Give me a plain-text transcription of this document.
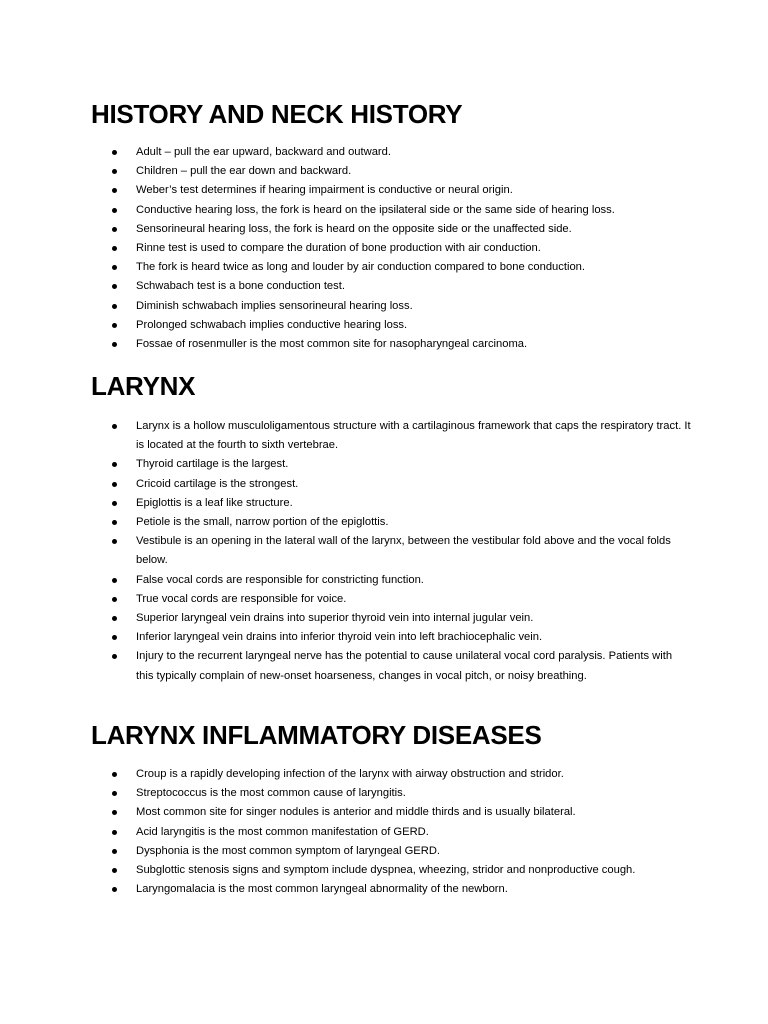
HISTORY AND NECK HISTORY
Adult – pull the ear upward, backward and outward.
Children – pull the ear down and backward.
Weber’s test determines if hearing impairment is conductive or neural origin.
Conductive hearing loss, the fork is heard on the ipsilateral side or the same side of hearing loss.
Sensorineural hearing loss, the fork is heard on the opposite side or the unaffected side.
Rinne test is used to compare the duration of bone production with air conduction.
The fork is heard twice as long and louder by air conduction compared to bone conduction.
Schwabach test is a bone conduction test.
Diminish schwabach implies sensorineural hearing loss.
Prolonged schwabach implies conductive hearing loss.
Fossae of rosenmuller is the most common site for nasopharyngeal carcinoma.
LARYNX
Larynx is a hollow musculoligamentous structure with a cartilaginous framework that caps the respiratory tract. It is located at the fourth to sixth vertebrae.
Thyroid cartilage is the largest.
Cricoid cartilage is the strongest.
Epiglottis is a leaf like structure.
Petiole is the small, narrow portion of the epiglottis.
Vestibule is an opening in the lateral wall of the larynx, between the vestibular fold above and the vocal folds below.
False vocal cords are responsible for constricting function.
True vocal cords are responsible for voice.
Superior laryngeal vein drains into superior thyroid vein into internal jugular vein.
Inferior laryngeal vein drains into inferior thyroid vein into left brachiocephalic vein.
Injury to the recurrent laryngeal nerve has the potential to cause unilateral vocal cord paralysis. Patients with this typically complain of new-onset hoarseness, changes in vocal pitch, or noisy breathing.
LARYNX INFLAMMATORY DISEASES
Croup is a rapidly developing infection of the larynx with airway obstruction and stridor.
Streptococcus is the most common cause of laryngitis.
Most common site for singer nodules is anterior and middle thirds and is usually bilateral.
Acid laryngitis is the most common manifestation of GERD.
Dysphonia is the most common symptom of laryngeal GERD.
Subglottic stenosis signs and symptom include dyspnea, wheezing, stridor and nonproductive cough.
Laryngomalacia is the most common laryngeal abnormality of the newborn.
